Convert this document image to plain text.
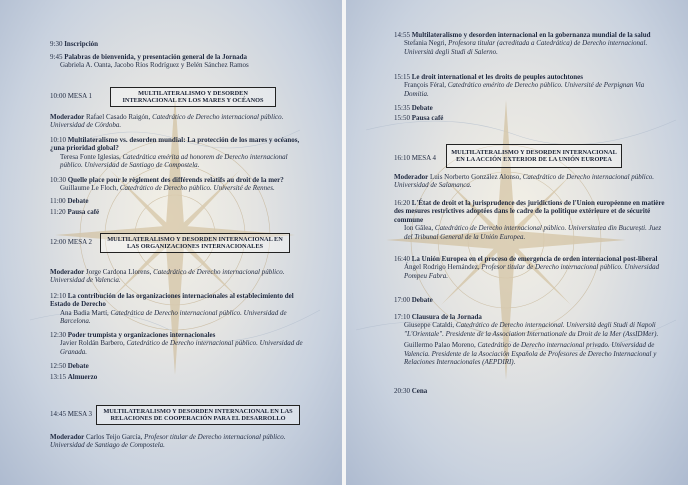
9:30 Inscripción

9:45 Palabras de bienvenida, y presentación general de la Jornada

Gabriela A. Oanta, Jacobo Ríos Rodríguez y Belén Sánchez Ramos

10:00 MESA 1	MULTILATERALISMO Y DESORDEN INTERNACIONAL EN LOS MARES Y OCÉANOS
Moderador Rafael Casado Raigón, Catedrático de Derecho internacional público. Universidad de Córdoba.

10:10 Multilateralismo vs. desorden mundial: La protección de los mares y océanos, ¿una prioridad global?

Teresa Fonte Iglesias, Catedrática emérita ad honorem de Derecho internacional público. Universidad de Santiago de Compostela.

10:30 Quelle place pour le règlement des différends relatifs au droit de la mer?

Guillaume Le Floch, Catedrático de Derecho público. Université de Rennes.

11:00 Debate
11:20 Pausa café
12:00 MESA 2	MULTILATERALISMO Y DESORDEN INTERNACIONAL EN LAS ORGANIZACIONES INTERNACIONALES
Moderador Jorge Cardona Llorens, Catedrático de Derecho internacional público. Universidad de Valencia.

12:10 La contribución de las organizaciones internacionales al establecimiento del Estado de Derecho

Ana Badia Martí, Catedrática de Derecho internacional público. Universidad de Barcelona.

12:30 Poder trumpista y organizaciones internacionales

Javier Roldán Barbero, Catedrático de Derecho internacional público. Universidad de Granada.

12:50 Debate
13:15 Almuerzo
14:45 MESA 3	MULTILATERALISMO Y DESORDEN INTERNACIONAL EN LAS RELACIONES DE COOPERACIÓN PARA EL DESARROLLO
Moderador Carlos Teijo García, Profesor titular de Derecho internacional público. Universidad de Santiago de Compostela.

14:55 Multilateralismo y desorden internacional en la gobernanza mundial de la salud

Stefania Negri, Profesora titular (acreditada a Catedrática) de Derecho internacional. Università degli Studi di Salerno.

15:15 Le droit international et les droits de peuples autochtones

François Féral, Catedrático emérito de Derecho público. Université de Perpignan Via Domitia.

15:35 Debate
15:50 Pausa café
16:10 MESA 4
MULTILATERALISMO Y DESORDEN INTERNACIONAL EN LA ACCIÓN EXTERIOR DE LA UNIÓN EUROPEA
Moderador Luis Norberto González Alonso, Catedrático de Derecho internacional público. Universidad de Salamanca.

16:20 L'État de droit et la jurisprudence des juridictions de l'Union européenne en matière des mesures restrictives adoptées dans le cadre de la politique extérieure et de sécurité commune

Ion Gâlea, Catedrático de Derecho internacional público. Universitatea din București. Juez del Tribunal General de la Unión Europea.

16:40 La Unión Europea en el proceso de emergencia de orden internacional post-liberal

Ángel Rodrigo Hernández, Profesor titular de Derecho internacional público. Universidad Pompeu Fabra.

17:00 Debate

17:10 Clausura de la Jornada

Giuseppe Cataldi, Catedrático de Derecho internacional. Università degli Studi di Napoli "L'Orientale". Presidente de la Association Internationale du Droit de la Mer (AssIDMer).

Guillermo Palao Moreno, Catedrático de Derecho internacional privado. Universidad de Valencia. Presidente de la Asociación Española de Profesores de Derecho Internacional y Relaciones Internacionales (AEPDIRI).

20:30 Cena
